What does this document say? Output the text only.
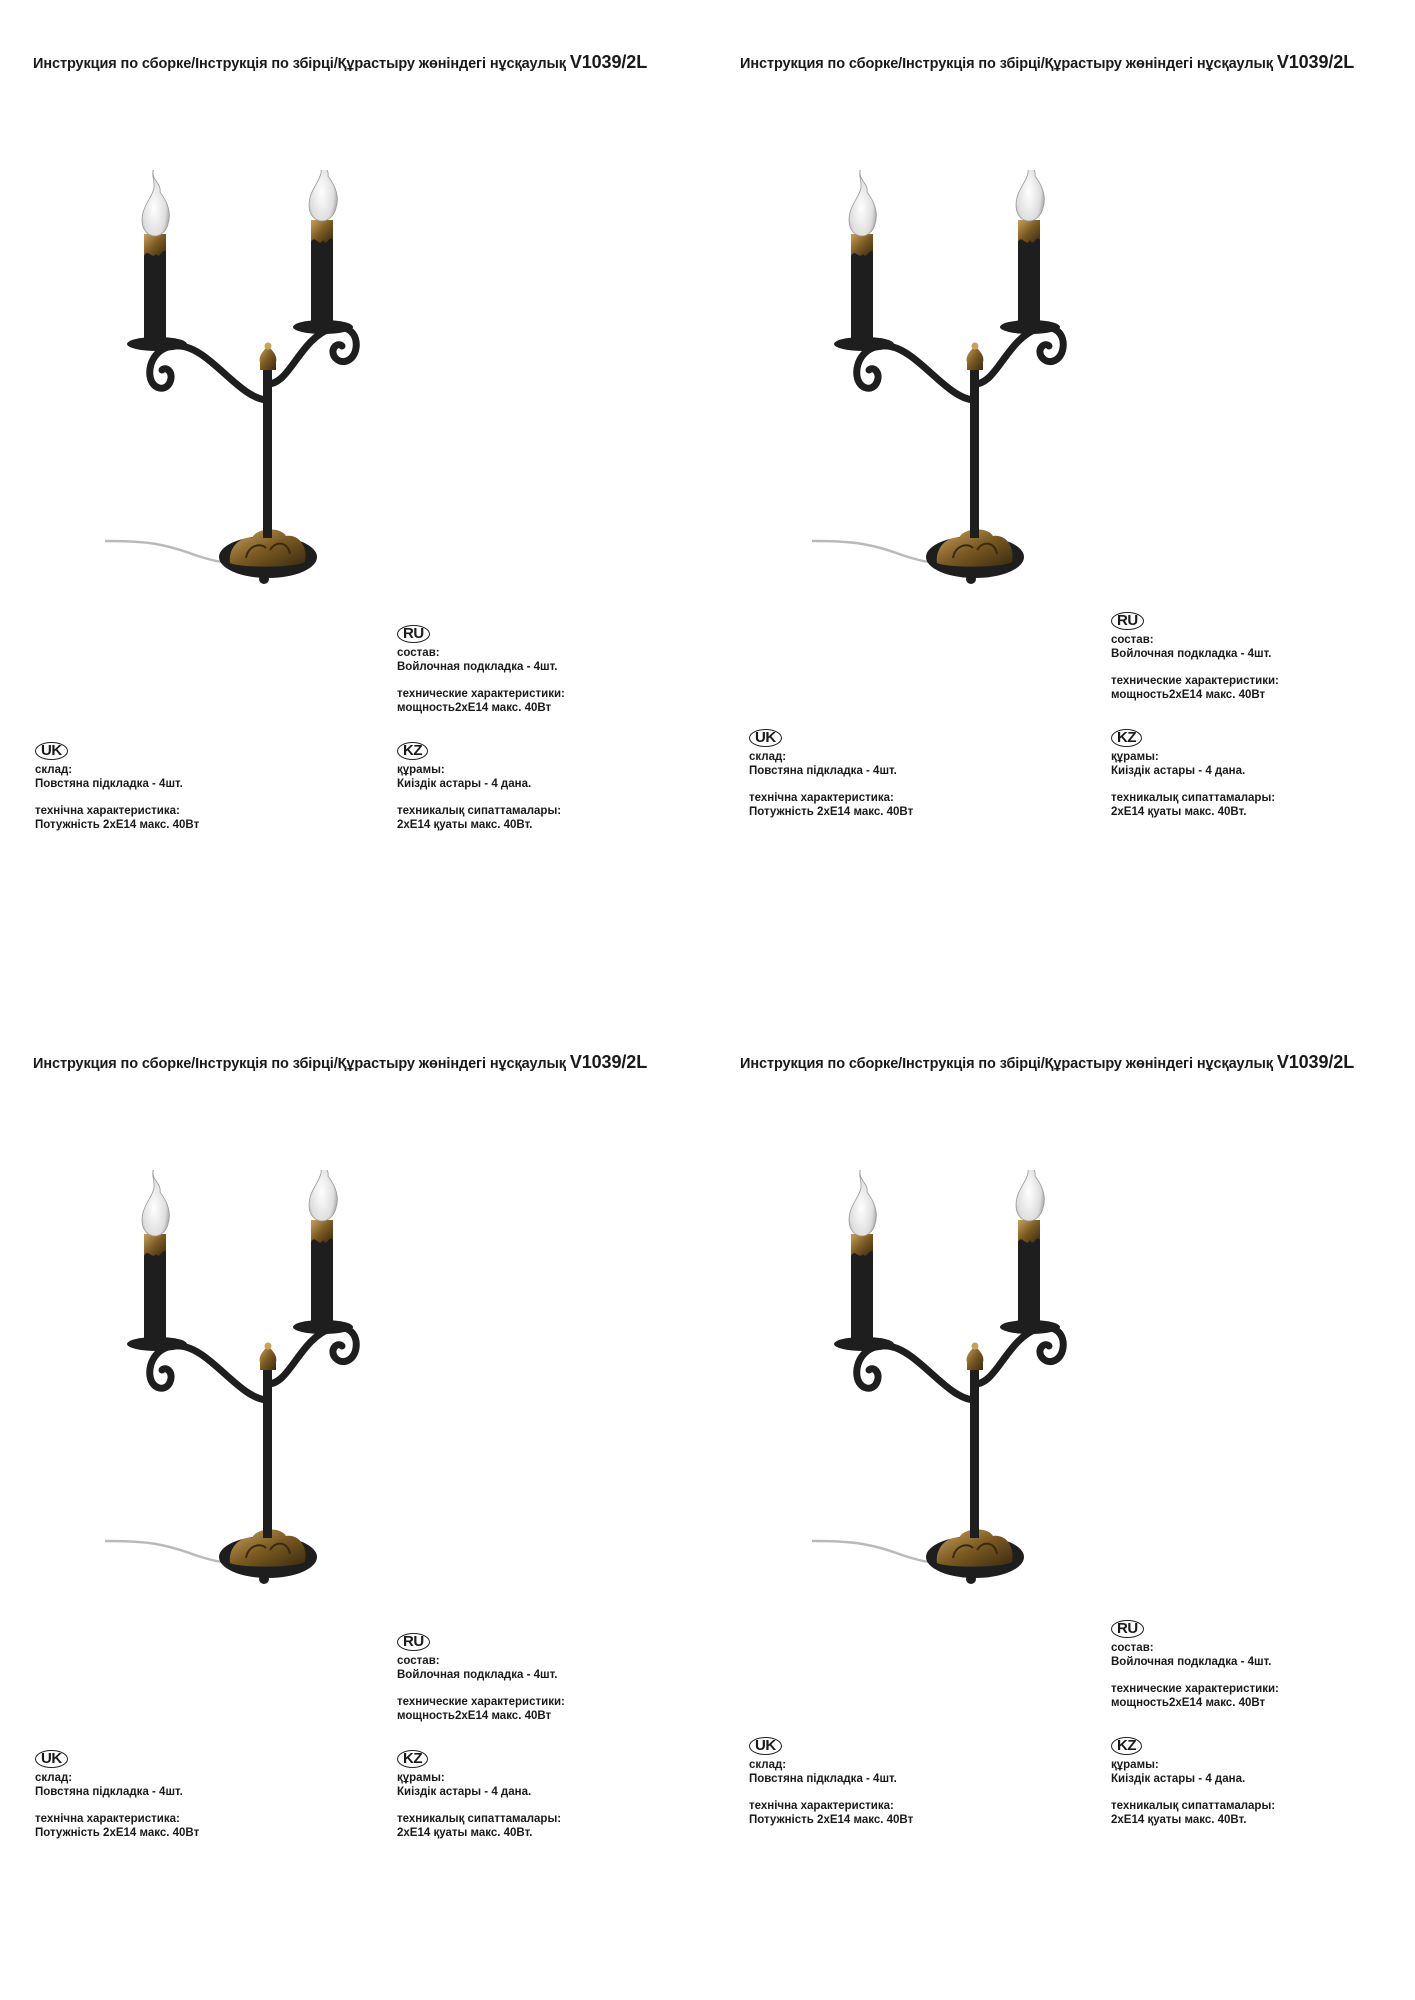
Инструкция по сборке/Інструкція по збірці/Құрастыру жөніндегі нұсқаулық V1039/2L
RU
состав:
Войлочная подкладка - 4шт.
технические характеристики:
мощность2хЕ14 макс. 40Вт
UK
склад:
Повстяна підкладка - 4шт.
технічна характеристика:
Потужність 2хЕ14 макс. 40Вт
KZ
құрамы:
Киіздік астары - 4 дана.
техникалық сипаттамалары:
2хЕ14 қуаты макс. 40Вт.
Инструкция по сборке/Інструкція по збірці/Құрастыру жөніндегі нұсқаулық V1039/2L
RU
состав:
Войлочная подкладка - 4шт.
технические характеристики:
мощность2хЕ14 макс. 40Вт
UK
склад:
Повстяна підкладка - 4шт.
технічна характеристика:
Потужність 2хЕ14 макс. 40Вт
KZ
құрамы:
Киіздік астары - 4 дана.
техникалық сипаттамалары:
2хЕ14 қуаты макс. 40Вт.
Инструкция по сборке/Інструкція по збірці/Құрастыру жөніндегі нұсқаулық V1039/2L
RU
состав:
Войлочная подкладка - 4шт.
технические характеристики:
мощность2хЕ14 макс. 40Вт
UK
склад:
Повстяна підкладка - 4шт.
технічна характеристика:
Потужність 2хЕ14 макс. 40Вт
KZ
құрамы:
Киіздік астары - 4 дана.
техникалық сипаттамалары:
2хЕ14 қуаты макс. 40Вт.
Инструкция по сборке/Інструкція по збірці/Құрастыру жөніндегі нұсқаулық V1039/2L
RU
состав:
Войлочная подкладка - 4шт.
технические характеристики:
мощность2хЕ14 макс. 40Вт
UK
склад:
Повстяна підкладка - 4шт.
технічна характеристика:
Потужність 2хЕ14 макс. 40Вт
KZ
құрамы:
Киіздік астары - 4 дана.
техникалық сипаттамалары:
2хЕ14 қуаты макс. 40Вт.
